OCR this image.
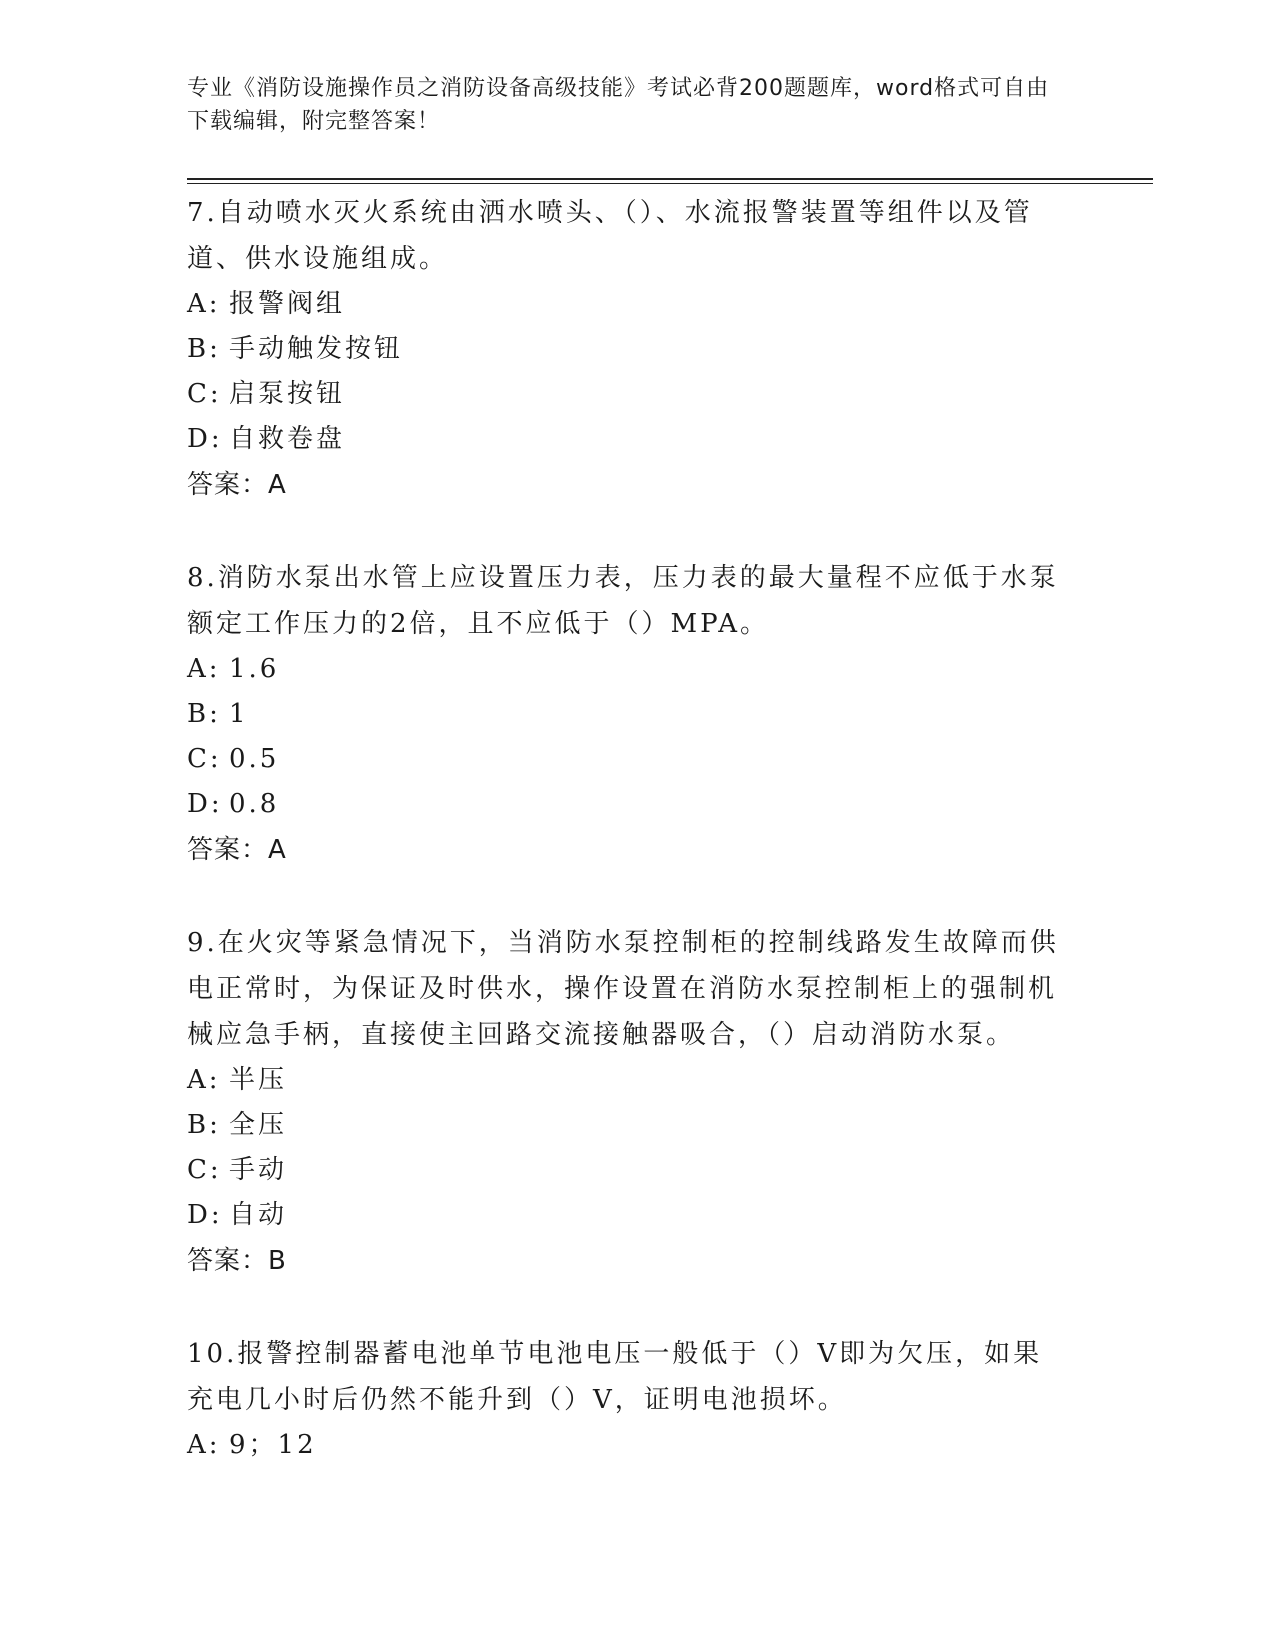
专业《消防设施操作员之消防设备高级技能》考试必背200题题库，word格式可自由下载编辑，附完整答案！
7.自动喷水灭火系统由洒水喷头、（）、水流报警装置等组件以及管道、供水设施组成。
A: 报警阀组
B: 手动触发按钮
C: 启泵按钮
D: 自救卷盘
答案：A
8.消防水泵出水管上应设置压力表，压力表的最大量程不应低于水泵额定工作压力的2倍，且不应低于（）MPA。
A: 1.6
B: 1
C: 0.5
D: 0.8
答案：A
9.在火灾等紧急情况下，当消防水泵控制柜的控制线路发生故障而供电正常时，为保证及时供水，操作设置在消防水泵控制柜上的强制机械应急手柄，直接使主回路交流接触器吸合，（）启动消防水泵。
A: 半压
B: 全压
C: 手动
D: 自动
答案：B
10.报警控制器蓄电池单节电池电压一般低于（）V即为欠压，如果充电几小时后仍然不能升到（）V，证明电池损坏。
A: 9；12
